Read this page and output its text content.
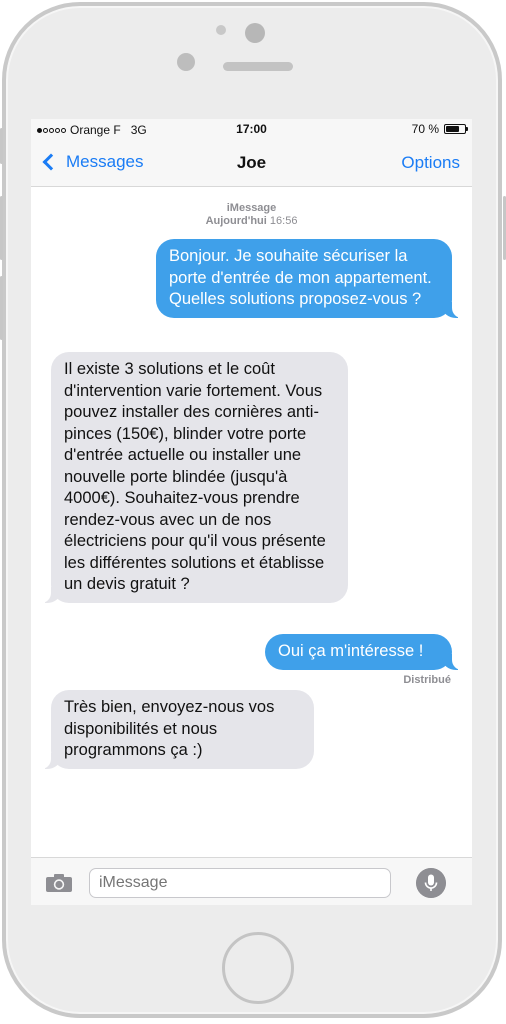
Orange F 3G	17:00	70 %
Messages	Joe	Options
iMessage
Aujourd'hui 16:56
Bonjour. Je souhaite sécuriser la porte d'entrée de mon appartement. Quelles solutions proposez-vous ?
Il existe 3 solutions et le coût d'intervention varie fortement. Vous pouvez installer des cornières anti-pinces (150€), blinder votre porte d'entrée actuelle ou installer une nouvelle porte blindée (jusqu'à 4000€). Souhaitez-vous prendre rendez-vous avec un de nos électriciens pour qu'il vous présente les différentes solutions et établisse un devis gratuit ?
Oui ça m'intéresse !
Distribué
Très bien, envoyez-nous vos disponibilités et nous programmons ça :)
iMessage
